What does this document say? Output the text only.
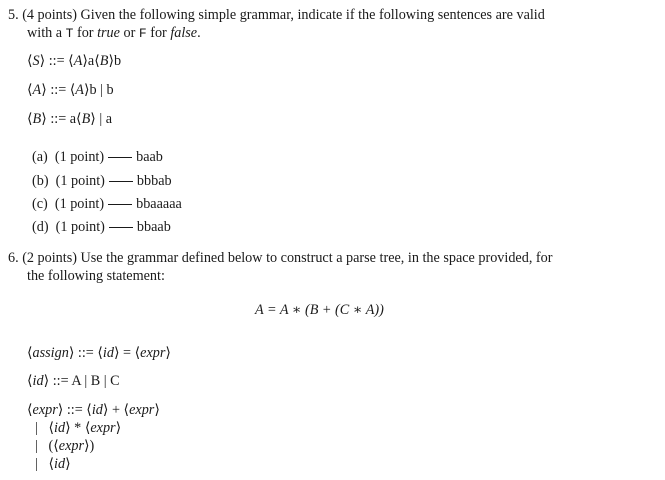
5. (4 points) Given the following simple grammar, indicate if the following sentences are valid
with a T for true or F for false.
⟨S⟩ ::= ⟨A⟩a⟨B⟩b
⟨A⟩ ::= ⟨A⟩b | b
⟨B⟩ ::= a⟨B⟩ | a
(a) (1 point) baab
(b) (1 point) bbbab
(c) (1 point) bbaaaaa
(d) (1 point) bbaab
6. (2 points) Use the grammar defined below to construct a parse tree, in the space provided, for
the following statement:
A = A ∗ (B + (C ∗ A))
⟨assign⟩ ::= ⟨id⟩ = ⟨expr⟩
⟨id⟩ ::= A | B | C
⟨expr⟩ ::= ⟨id⟩ + ⟨expr⟩
|   ⟨id⟩ * ⟨expr⟩
| (⟨expr⟩)
|   ⟨id⟩
